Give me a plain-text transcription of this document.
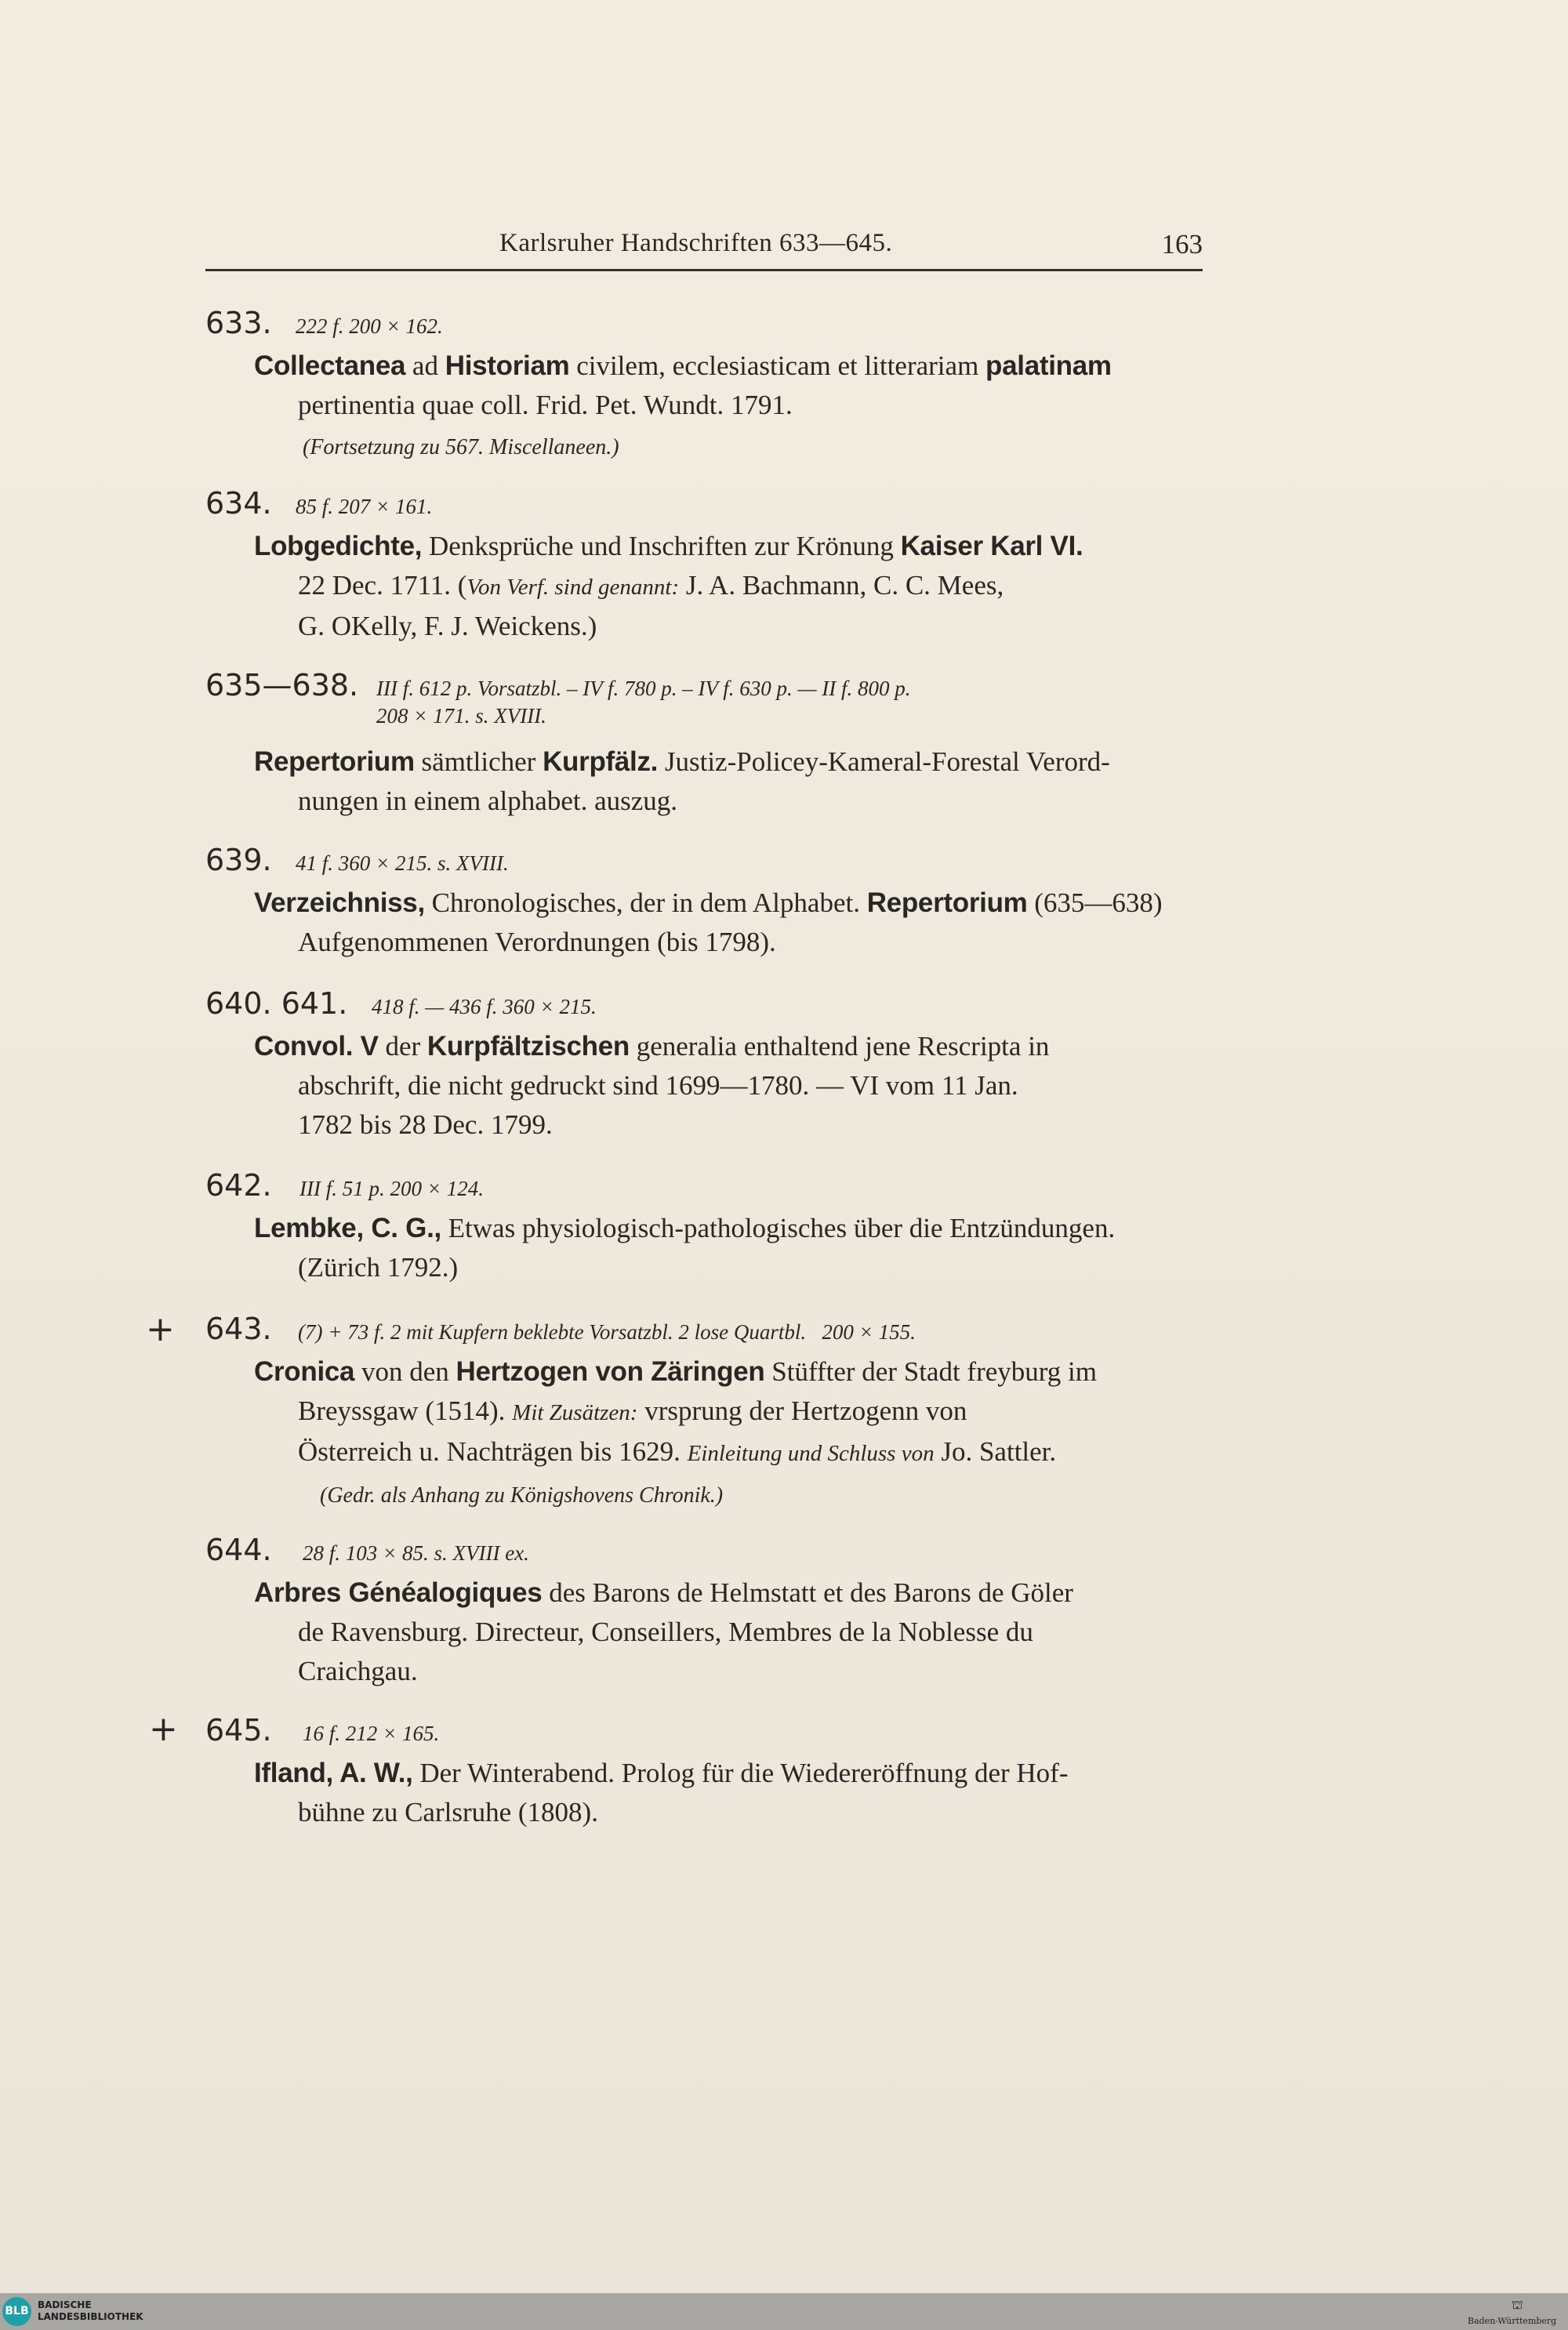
Karlsruher Handschriften 633—645.	163
633. 222 f. 200 × 162.
Collectanea ad Historiam civilem, ecclesiasticam et litterariam palatinam
pertinentia quae coll. Frid. Pet. Wundt. 1791.
(Fortsetzung zu 567. Miscellaneen.)
634. 85 f. 207 × 161.
Lobgedichte, Denksprüche und Inschriften zur Krönung Kaiser Karl VI.
22 Dec. 1711. (Von Verf. sind genannt: J. A. Bachmann, C. C. Mees,
G. OKelly, F. J. Weickens.)
635—638. III f. 612 p. Vorsatzbl. – IV f. 780 p. – IV f. 630 p. — II f. 800 p.
208 × 171. s. XVIII.
Repertorium sämtlicher Kurpfälz. Justiz-Policey-Kameral-Forestal Verord-
nungen in einem alphabet. auszug.
639. 41 f. 360 × 215. s. XVIII.
Verzeichniss, Chronologisches, der in dem Alphabet. Repertorium (635—638)
Aufgenommenen Verordnungen (bis 1798).
640. 641. 418 f. — 436 f. 360 × 215.
Convol. V der Kurpfältzischen generalia enthaltend jene Rescripta in
abschrift, die nicht gedruckt sind 1699—1780. — VI vom 11 Jan.
1782 bis 28 Dec. 1799.
642. III f. 51 p. 200 × 124.
Lembke, C. G., Etwas physiologisch-pathologisches über die Entzündungen.
(Zürich 1792.)
+ 643. (7) + 73 f. 2 mit Kupfern beklebte Vorsatzbl. 2 lose Quartbl.   200 × 155.
Cronica von den Hertzogen von Zäringen Stüffter der Stadt freyburg im
Breyssgaw (1514). Mit Zusätzen: vrsprung der Hertzogenn von
Österreich u. Nachträgen bis 1629. Einleitung und Schluss von Jo. Sattler.
(Gedr. als Anhang zu Königshovens Chronik.)
644. 28 f. 103 × 85. s. XVIII ex.
Arbres Généalogiques des Barons de Helmstatt et des Barons de Göler
de Ravensburg. Directeur, Conseillers, Membres de la Noblesse du
Craichgau.
+ 645. 16 f. 212 × 165.
Ifland, A. W., Der Winterabend. Prolog für die Wiedereröffnung der Hof-
bühne zu Carlsruhe (1808).
BLB BADISCHE
LANDESBIBLIOTHEK
⛫
Baden-Württemberg
